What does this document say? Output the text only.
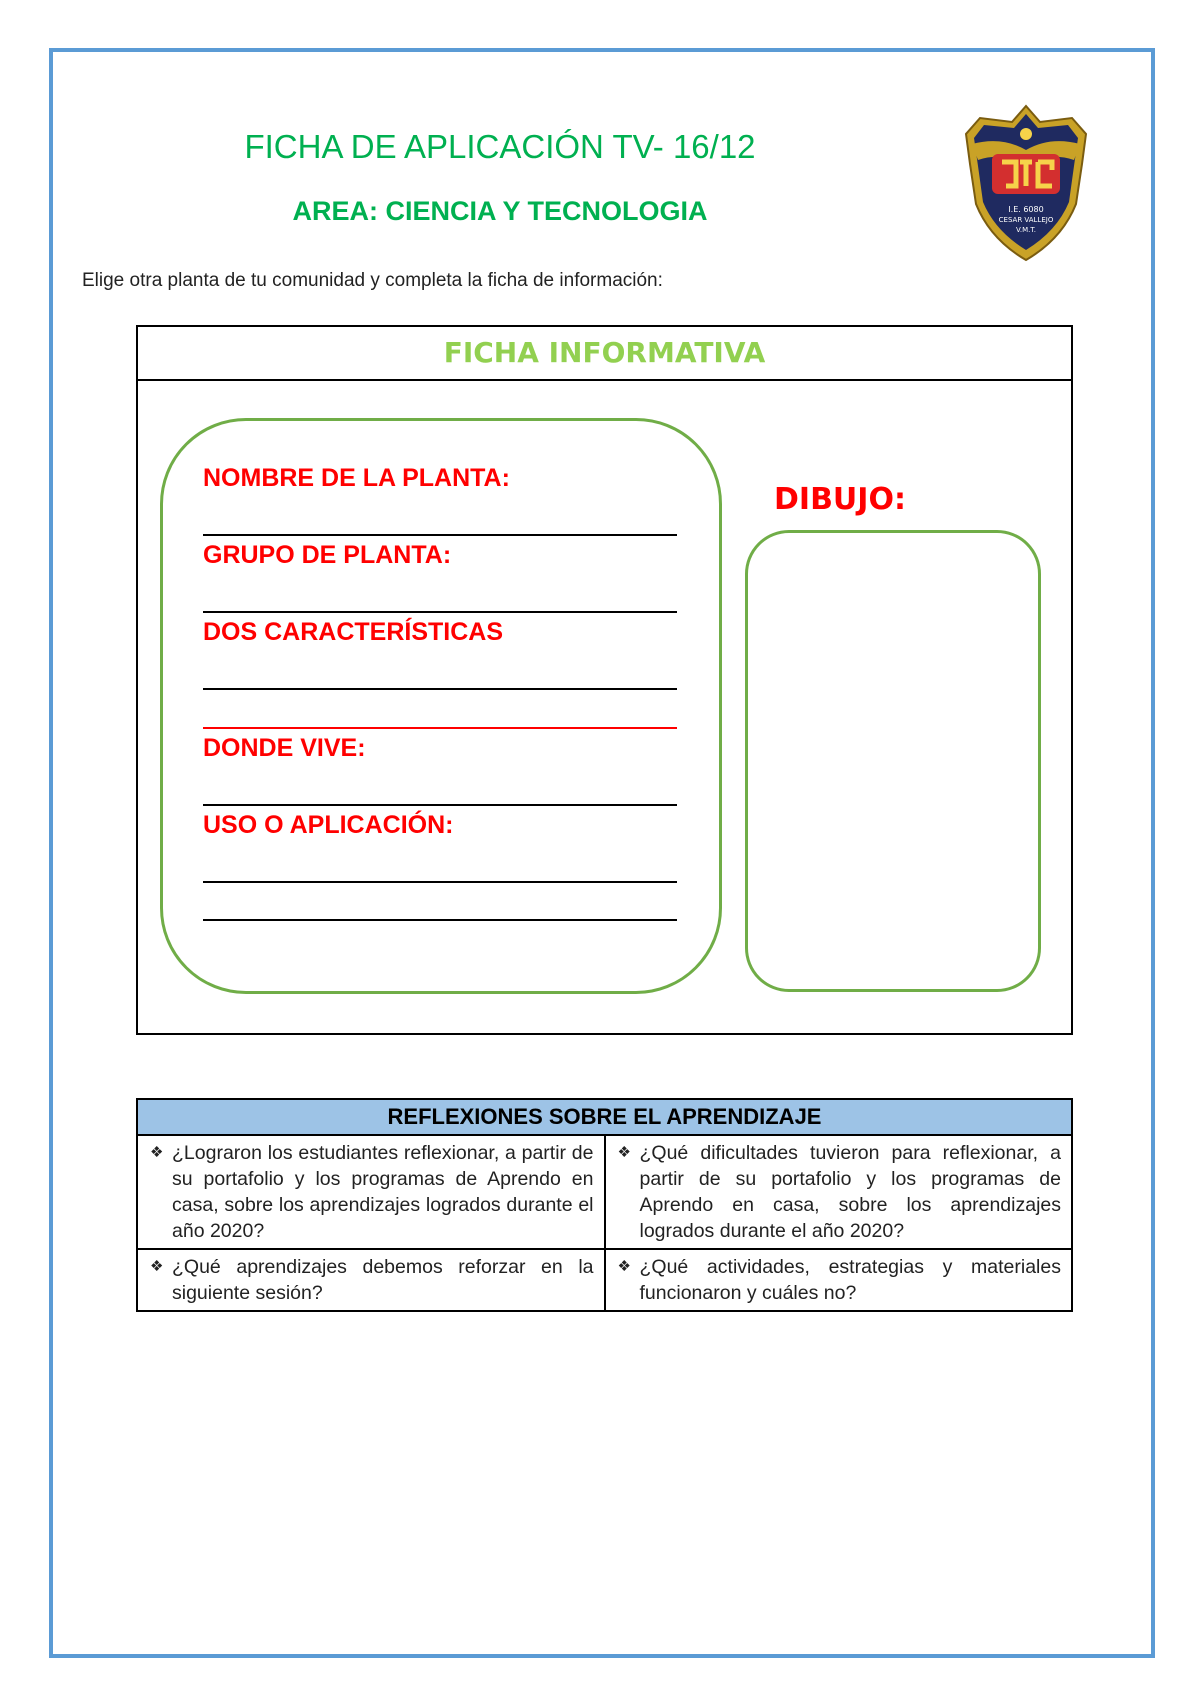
FICHA DE APLICACIÓN TV- 16/12
AREA: CIENCIA Y TECNOLOGIA	I.E. 6080
CESAR VALLEJO
V.M.T.
Elige otra planta de tu comunidad y completa la ficha de información:
FICHA INFORMATIVA
NOMBRE DE LA PLANTA:
GRUPO DE PLANTA:
DOS CARACTERÍSTICAS
DONDE VIVE:
USO O APLICACIÓN:
DIBUJO:
REFLEXIONES SOBRE EL APRENDIZAJE	

❖ ¿Lograron los estudiantes reflexionar, a partir de su portafolio y los programas de Aprendo en casa, sobre los aprendizajes logrados durante el año 2020?	❖ ¿Qué dificultades tuvieron para reflexionar, a partir de su portafolio y los programas de Aprendo en casa, sobre los aprendizajes logrados durante el año 2020?

❖ ¿Qué aprendizajes debemos reforzar en la siguiente sesión?	❖ ¿Qué actividades, estrategias y materiales funcionaron y cuáles no?
